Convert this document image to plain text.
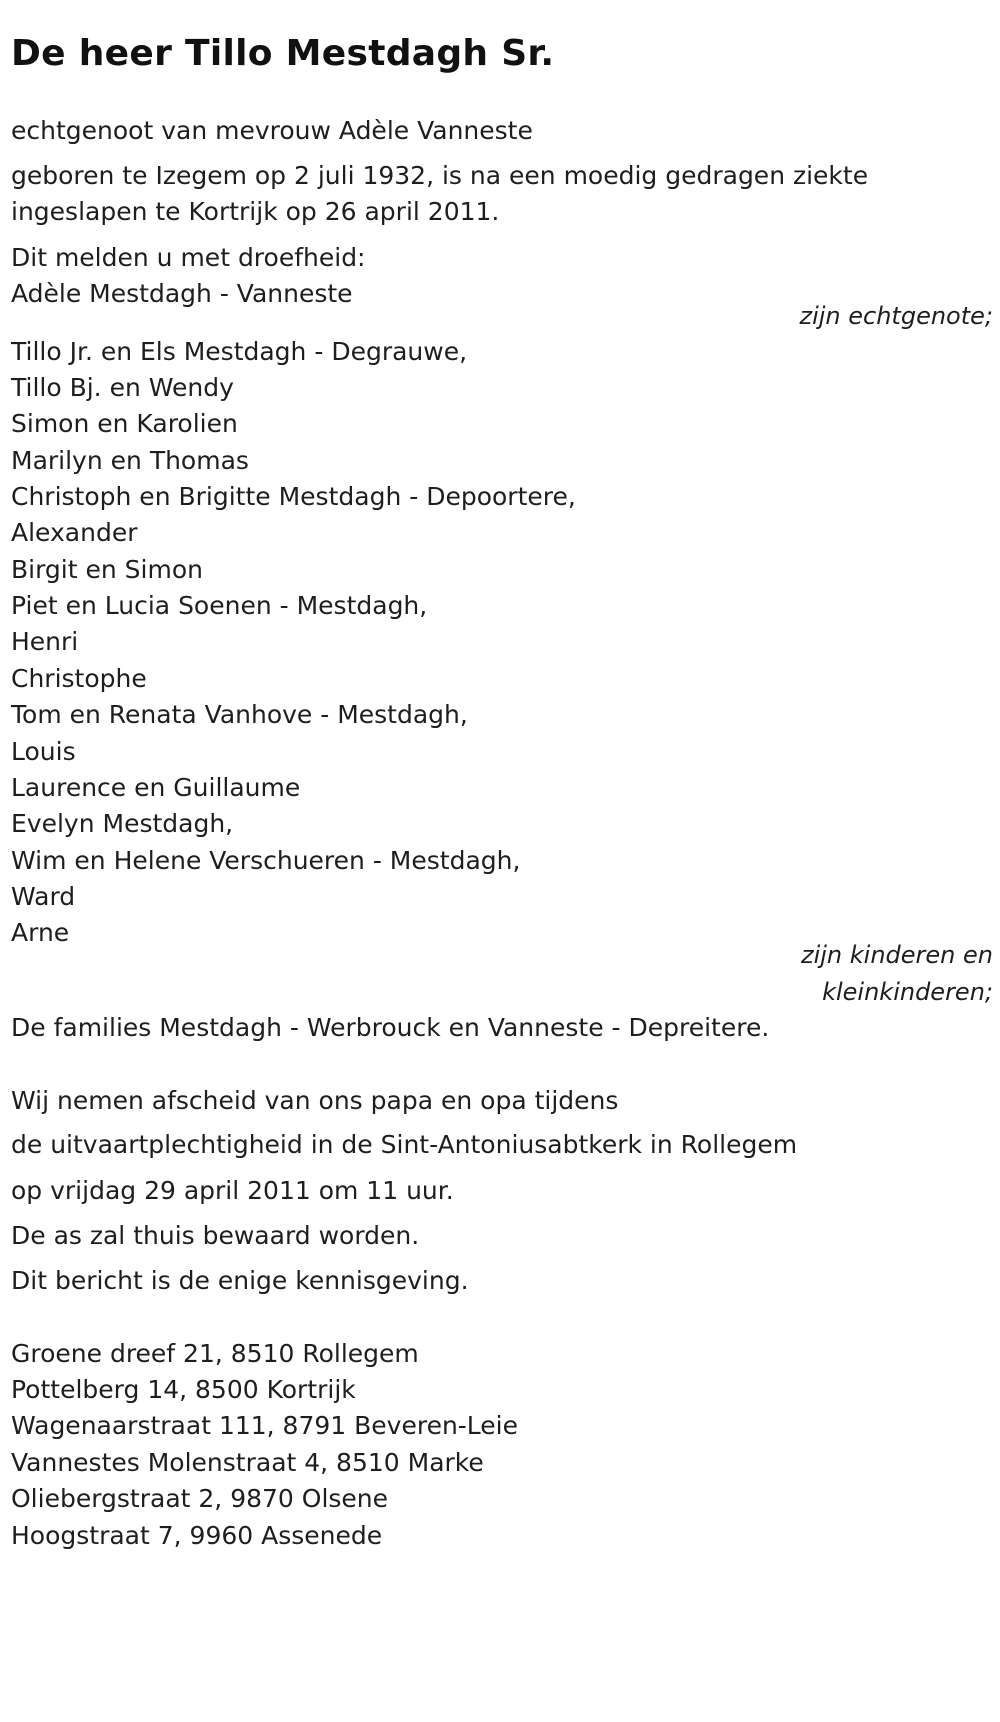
De heer Tillo Mestdagh Sr.
echtgenoot van mevrouw Adèle Vanneste
geboren te Izegem op 2 juli 1932, is na een moedig gedragen ziekte
ingeslapen te Kortrijk op 26 april 2011.
Dit melden u met droefheid:
Adèle Mestdagh - Vanneste
zijn echtgenote;
Tillo Jr. en Els Mestdagh - Degrauwe,
Tillo Bj. en Wendy
Simon en Karolien
Marilyn en Thomas
Christoph en Brigitte Mestdagh - Depoortere,
Alexander
Birgit en Simon
Piet en Lucia Soenen - Mestdagh,
Henri
Christophe
Tom en Renata Vanhove - Mestdagh,
Louis
Laurence en Guillaume
Evelyn Mestdagh,
Wim en Helene Verschueren - Mestdagh,
Ward
Arne
zijn kinderen en
kleinkinderen;
De families Mestdagh - Werbrouck en Vanneste - Depreitere.
Wij nemen afscheid van ons papa en opa tijdens
de uitvaartplechtigheid in de Sint-Antoniusabtkerk in Rollegem
op vrijdag 29 april 2011 om 11 uur.
De as zal thuis bewaard worden.
Dit bericht is de enige kennisgeving.
Groene dreef 21, 8510 Rollegem
Pottelberg 14, 8500 Kortrijk
Wagenaarstraat 111, 8791 Beveren-Leie
Vannestes Molenstraat 4, 8510 Marke
Oliebergstraat 2, 9870 Olsene
Hoogstraat 7, 9960 Assenede
